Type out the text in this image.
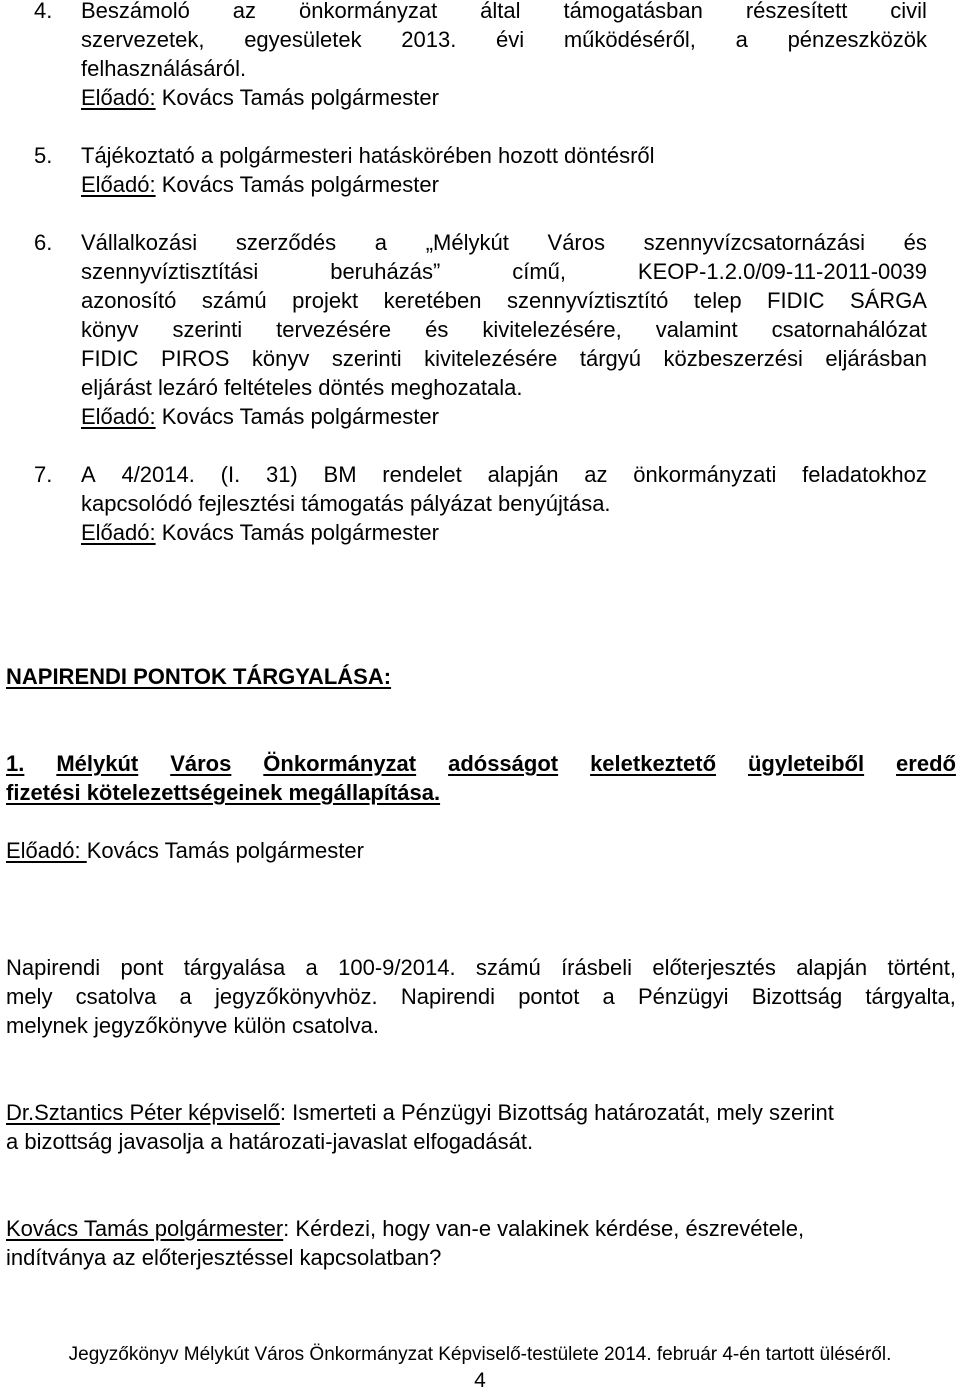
4. Beszámoló az önkormányzat által támogatásban részesített civil
szervezetek, egyesületek 2013. évi működéséről, a pénzeszközök
felhasználásáról.
Előadó: Kovács Tamás polgármester
5. Tájékoztató a polgármesteri hatáskörében hozott döntésről
Előadó: Kovács Tamás polgármester
6. Vállalkozási szerződés a „Mélykút Város szennyvízcsatornázási és
szennyvíztisztítási	beruházás”	című,	KEOP-1.2.0/09-11-2011-0039
azonosító számú projekt keretében szennyvíztisztító telep FIDIC SÁRGA
könyv szerinti tervezésére és kivitelezésére, valamint csatornahálózat
FIDIC PIROS könyv szerinti kivitelezésére tárgyú közbeszerzési eljárásban
eljárást lezáró feltételes döntés meghozatala.
Előadó: Kovács Tamás polgármester
7. A 4/2014. (I. 31) BM rendelet alapján az önkormányzati feladatokhoz
kapcsolódó fejlesztési támogatás pályázat benyújtása.
Előadó: Kovács Tamás polgármester
NAPIRENDI PONTOK TÁRGYALÁSA:
1. Mélykút Város Önkormányzat adósságot keletkeztető ügyleteiből eredő
fizetési kötelezettségeinek megállapítása.
Előadó: Kovács Tamás polgármester
Napirendi pont tárgyalása a 100-9/2014. számú írásbeli előterjesztés alapján történt,
mely csatolva a jegyzőkönyvhöz. Napirendi pontot a Pénzügyi Bizottság tárgyalta,
melynek jegyzőkönyve külön csatolva.
Dr.Sztantics Péter képviselő: Ismerteti a Pénzügyi Bizottság határozatát, mely szerint
a bizottság javasolja a határozati-javaslat elfogadását.
Kovács Tamás polgármester: Kérdezi, hogy van-e valakinek kérdése, észrevétele,
indítványa az előterjesztéssel kapcsolatban?
Jegyzőkönyv Mélykút Város Önkormányzat Képviselő-testülete 2014. február 4-én tartott üléséről.
4
